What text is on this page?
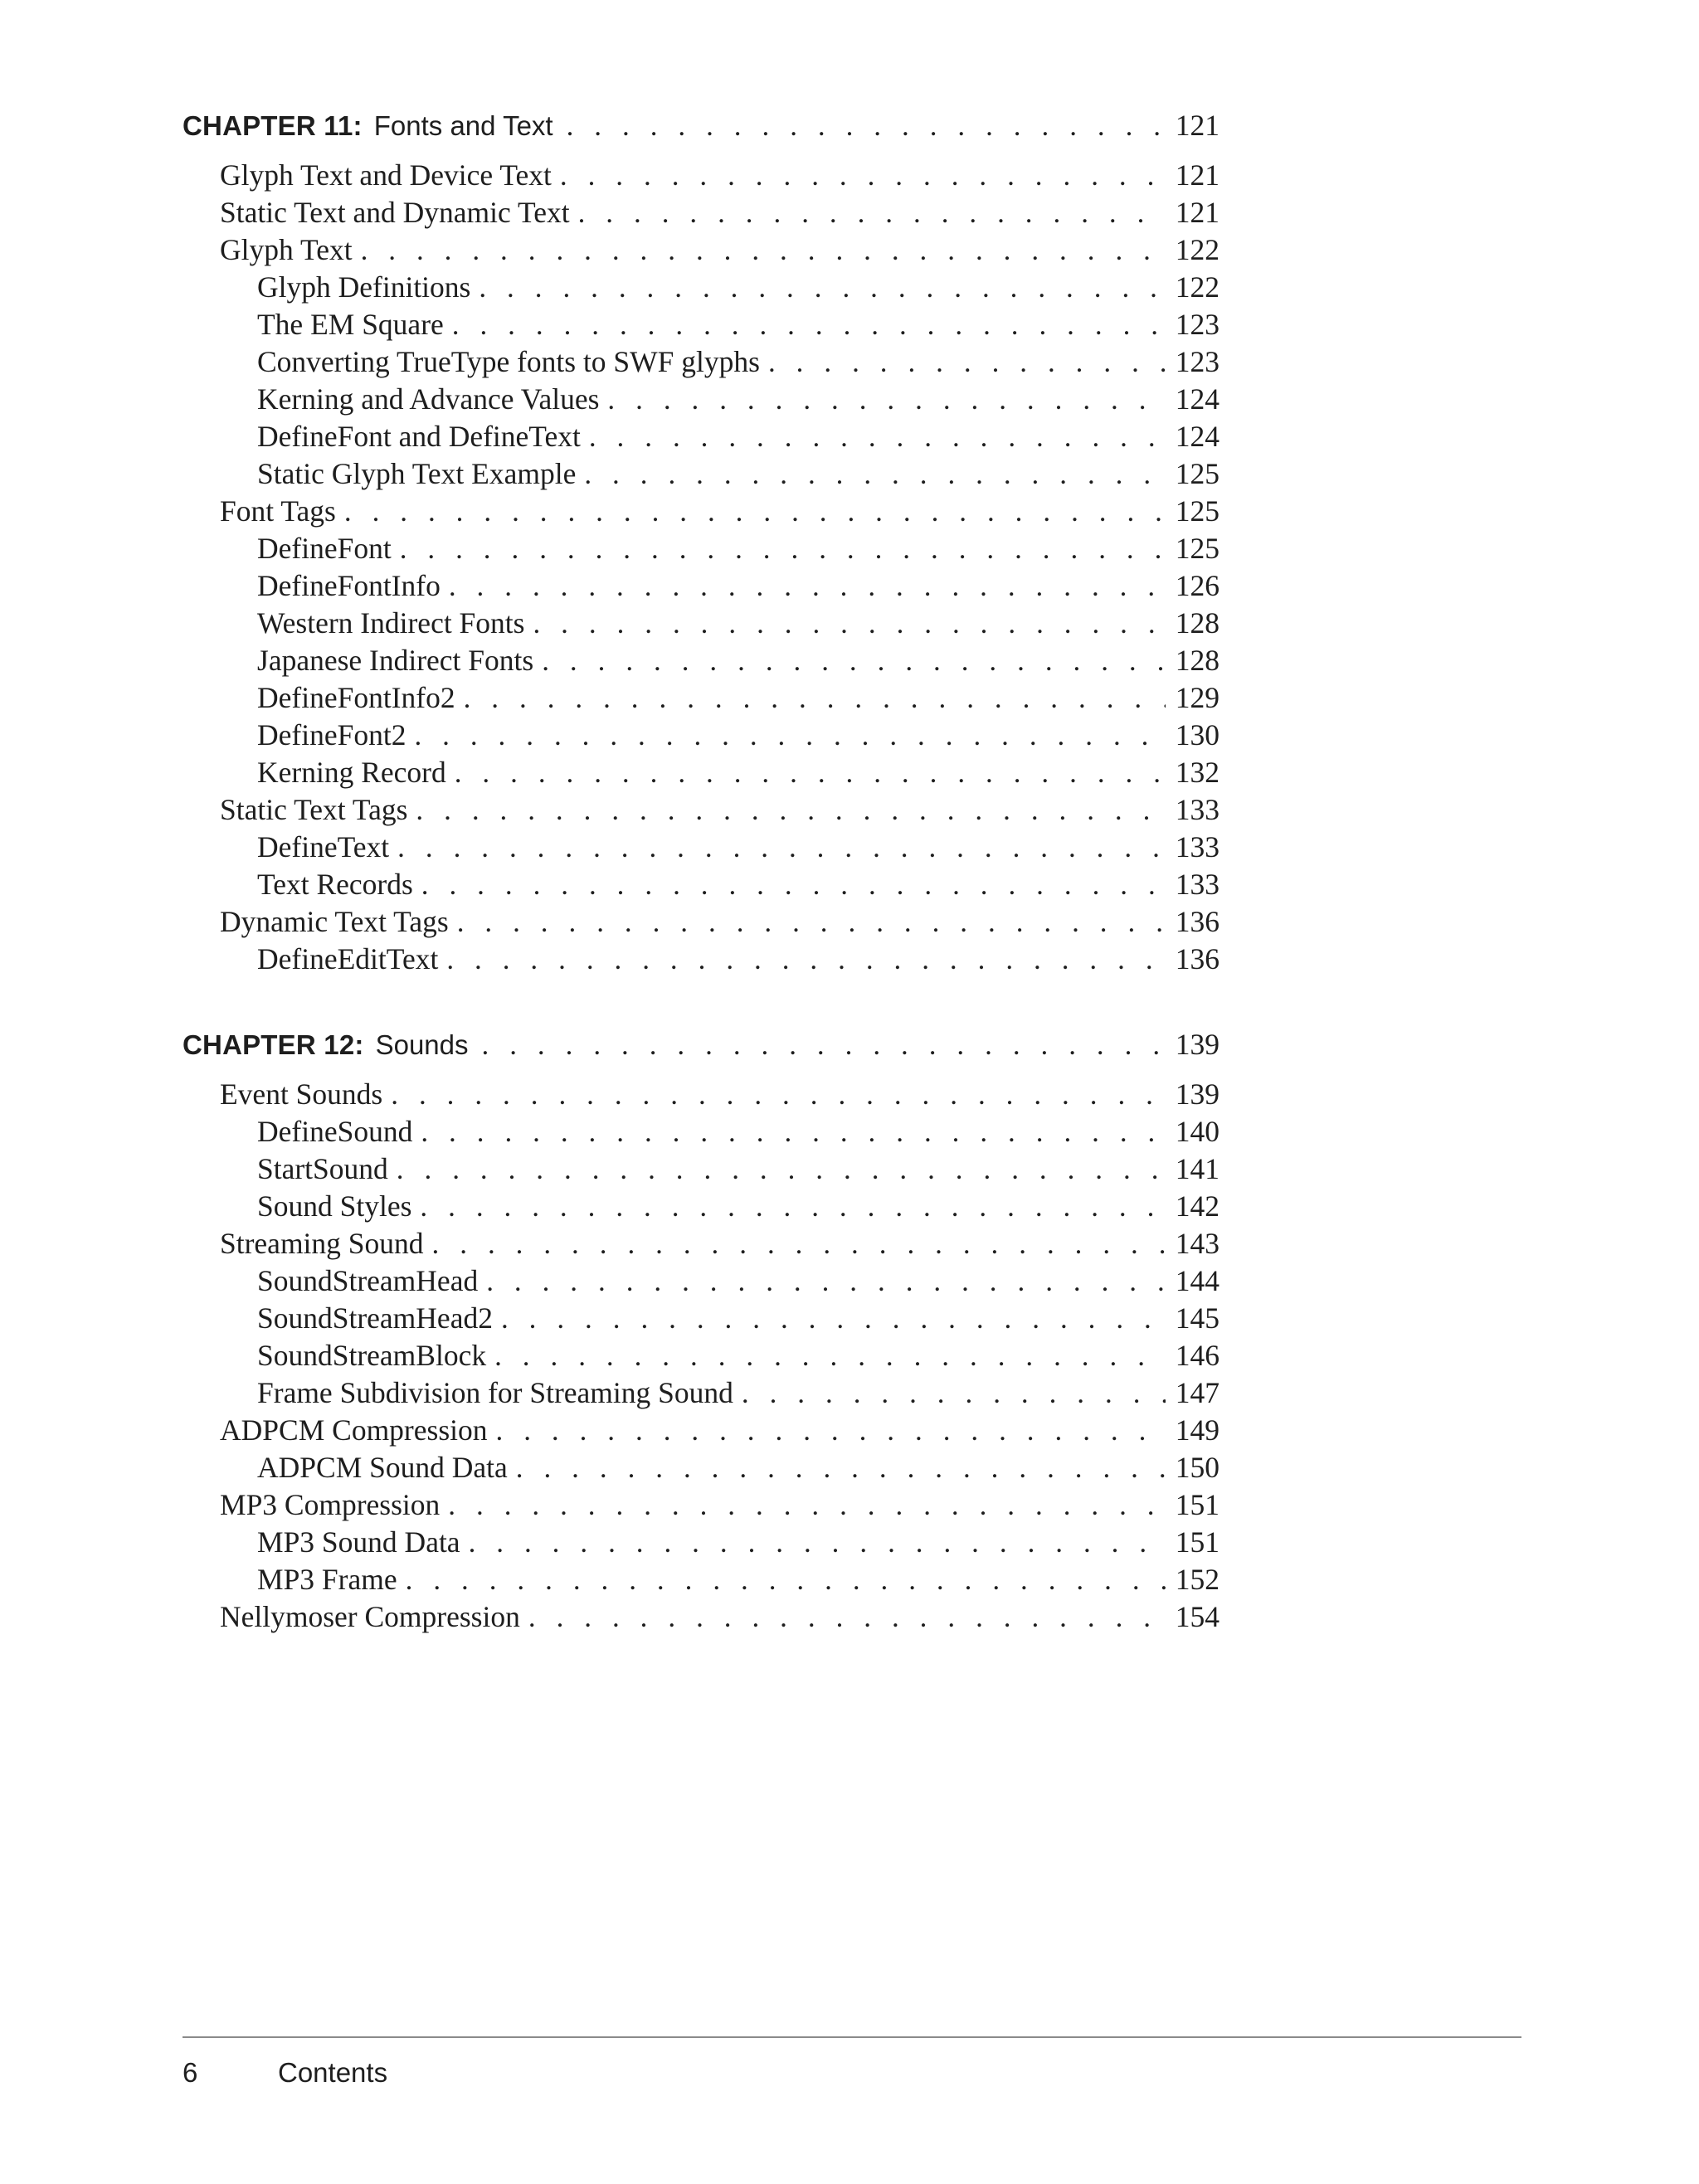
CHAPTER 11: Fonts and Text . . .	121
Glyph Text and Device Text . . .	121
Static Text and Dynamic Text . . .	121
Glyph Text . . .	122
Glyph Definitions . . .	122
The EM Square . . .	123
Converting TrueType fonts to SWF glyphs . . .	123
Kerning and Advance Values . . .	124
DefineFont and DefineText . . .	124
Static Glyph Text Example . . .	125
Font Tags . . .	125
DefineFont . . .	125
DefineFontInfo . . .	126
Western Indirect Fonts . . .	128
Japanese Indirect Fonts . . .	128
DefineFontInfo2 . . .	129
DefineFont2 . . .	130
Kerning Record . . .	132
Static Text Tags . . .	133
DefineText . . .	133
Text Records . . .	133
Dynamic Text Tags . . .	136
DefineEditText . . .	136
CHAPTER 12: Sounds . . .	139
Event Sounds . . .	139
DefineSound . . .	140
StartSound . . .	141
Sound Styles . . .	142
Streaming Sound . . .	143
SoundStreamHead . . .	144
SoundStreamHead2 . . .	145
SoundStreamBlock . . .	146
Frame Subdivision for Streaming Sound . . .	147
ADPCM Compression . . .	149
ADPCM Sound Data . . .	150
MP3 Compression . . .	151
MP3 Sound Data . . .	151
MP3 Frame . . .	152
Nellymoser Compression . . .	154
6	Contents
